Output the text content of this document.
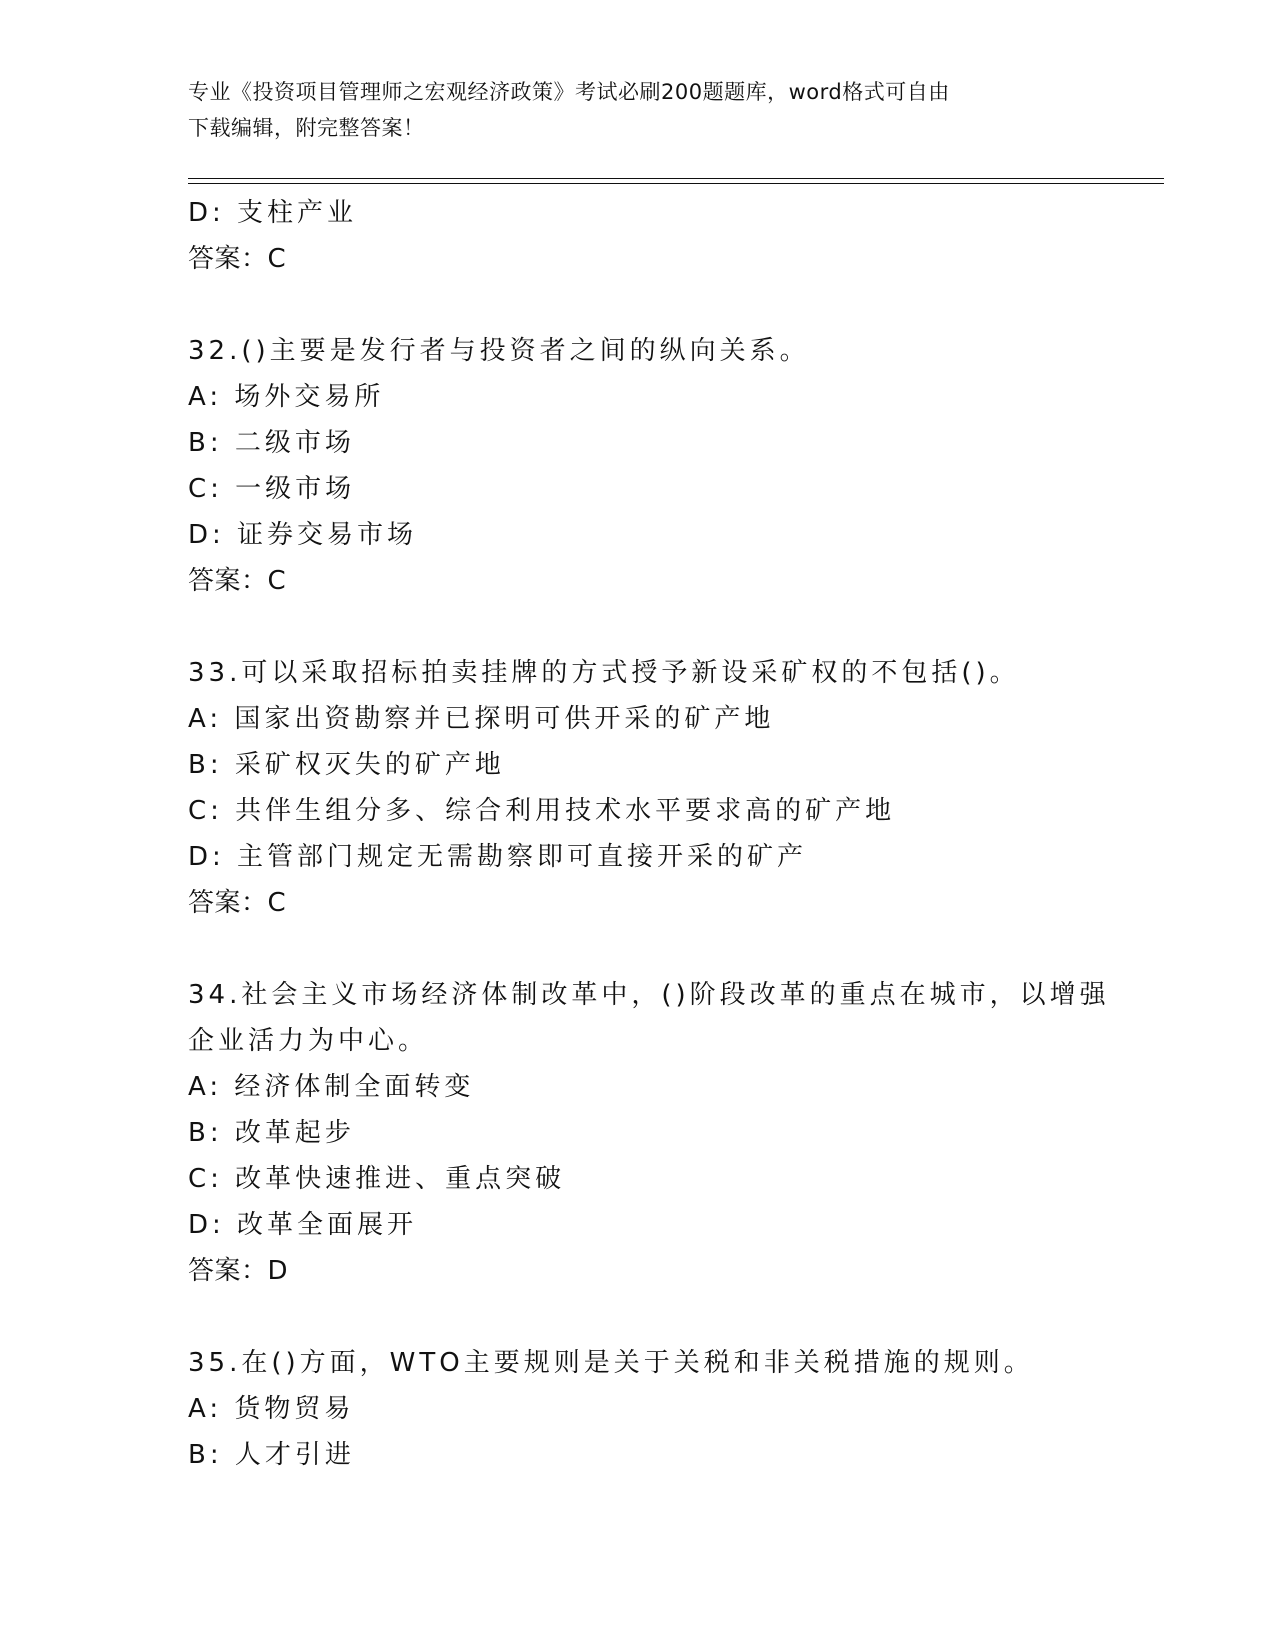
专业《投资项目管理师之宏观经济政策》考试必刷200题题库，word格式可自由
下载编辑，附完整答案！
D: 支柱产业
答案：C
32.()主要是发行者与投资者之间的纵向关系。
A: 场外交易所
B: 二级市场
C: 一级市场
D: 证券交易市场
答案：C
33.可以采取招标拍卖挂牌的方式授予新设采矿权的不包括()。
A: 国家出资勘察并已探明可供开采的矿产地
B: 采矿权灭失的矿产地
C: 共伴生组分多、综合利用技术水平要求高的矿产地
D: 主管部门规定无需勘察即可直接开采的矿产
答案：C
34.社会主义市场经济体制改革中，()阶段改革的重点在城市，以增强
企业活力为中心。
A: 经济体制全面转变
B: 改革起步
C: 改革快速推进、重点突破
D: 改革全面展开
答案：D
35.在()方面，WTO主要规则是关于关税和非关税措施的规则。
A: 货物贸易
B: 人才引进
